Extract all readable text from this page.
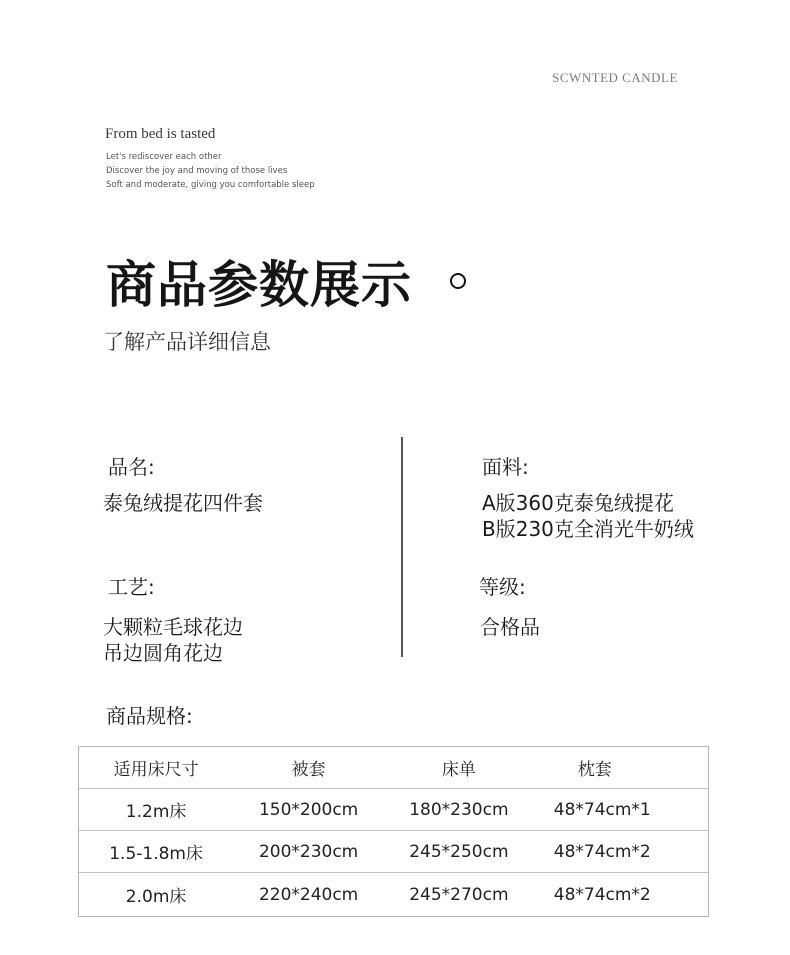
SCWNTED CANDLE
From bed is tasted
Let's rediscover each other
Discover the joy and moving of those lives
Soft and moderate, giving you comfortable sleep
商品参数展示
了解产品详细信息
品名:
泰兔绒提花四件套
工艺:
大颗粒毛球花边
吊边圆角花边
面料:
A版360克泰兔绒提花
B版230克全消光牛奶绒
等级:
合格品
商品规格:
适用床尺寸	被套	床单	枕套
1.2m床	150*200cm	180*230cm	48*74cm*1
1.5-1.8m床	200*230cm	245*250cm	48*74cm*2
2.0m床	220*240cm	245*270cm	48*74cm*2
